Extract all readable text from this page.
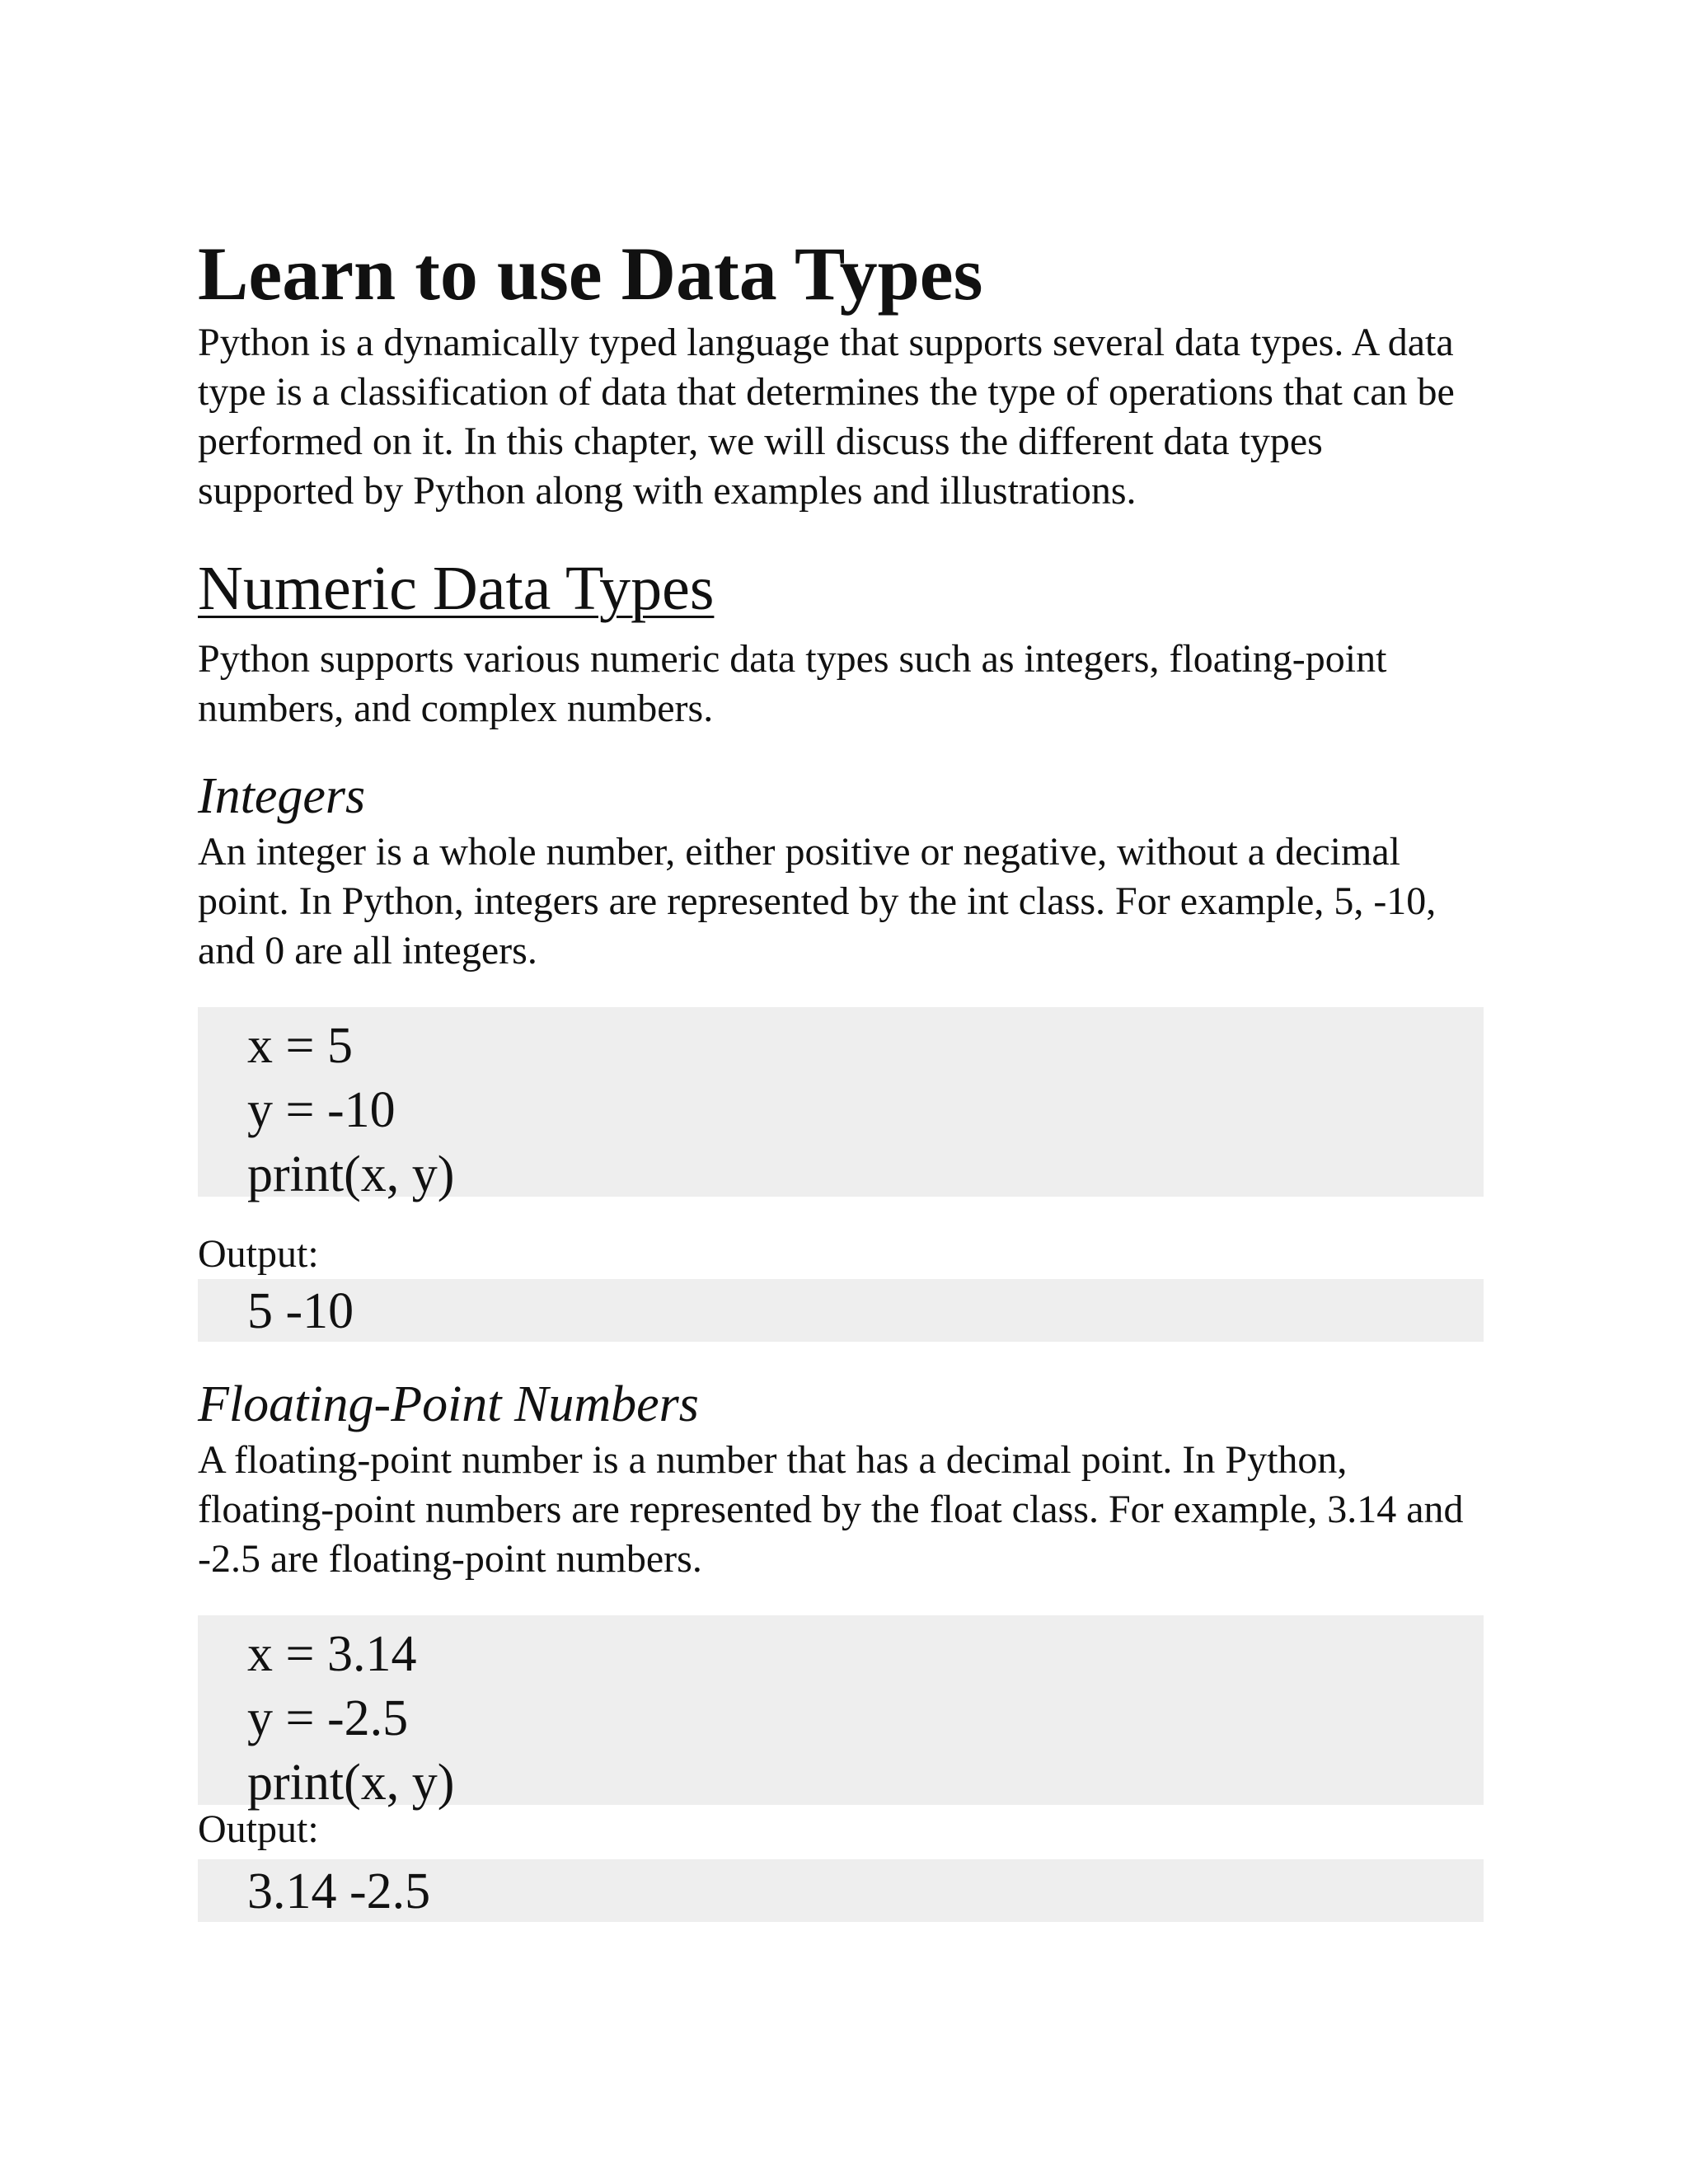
Learn to use Data Types

Python is a dynamically typed language that supports several data types. A data type is a classification of data that determines the type of operations that can be performed on it. In this chapter, we will discuss the different data types supported by Python along with examples and illustrations.

Numeric Data Types

Python supports various numeric data types such as integers, floating-point numbers, and complex numbers.

Integers

An integer is a whole number, either positive or negative, without a decimal point. In Python, integers are represented by the int class. For example, 5, -10, and 0 are all integers.

x = 5
y = -10
print(x, y)

Output:

5 -10
Floating-Point Numbers

A floating-point number is a number that has a decimal point. In Python, floating-point numbers are represented by the float class. For example, 3.14 and -2.5 are floating-point numbers.

x = 3.14
y = -2.5
print(x, y)

Output:

3.14 -2.5
